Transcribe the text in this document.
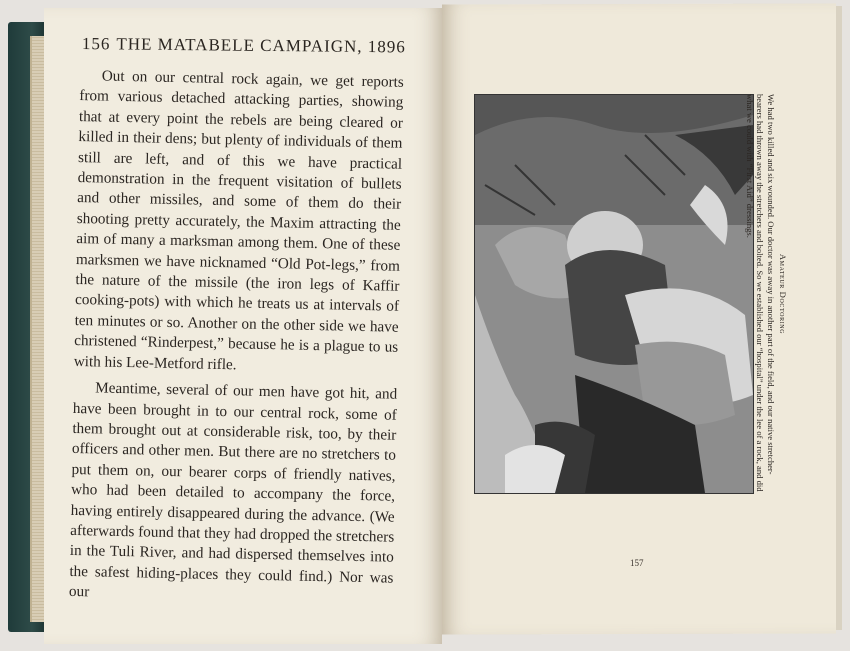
156 THE MATABELE CAMPAIGN, 1896

Out on our central rock again, we get reports from various detached attacking parties, showing that at every point the rebels are being cleared or killed in their dens; but plenty of individuals of them still are left, and of this we have practical demonstration in the frequent visitation of bullets and other missiles, and some of them do their shooting pretty accurately, the Maxim attracting the aim of many a marksman among them. One of these marksmen we have nicknamed “Old Pot-legs,” from the nature of the missile (the iron legs of Kaffir cooking-pots) with which he treats us at intervals of ten minutes or so. Another on the other side we have christened “Rinderpest,” because he is a plague to us with his Lee-Metford rifle.

Meantime, several of our men have got hit, and have been brought in to our central rock, some of them brought out at considerable risk, too, by their officers and other men. But there are no stretchers to put them on, our bearer corps of friendly natives, who had been detailed to accompany the force, having entirely disappeared during the advance. (We afterwards found that they had dropped the stretchers in the Tuli River, and had dispersed themselves into the safest hiding-places they could find.) Nor was our

Amateur Doctoring
We had two killed and six wounded. Our doctor was away in another part of the field, and our native stretcher-bearers had thrown away the stretchers and bolted. So we established our “hospital” under the lee of a rock, and did what we could with “First Aid” dressings.
157
